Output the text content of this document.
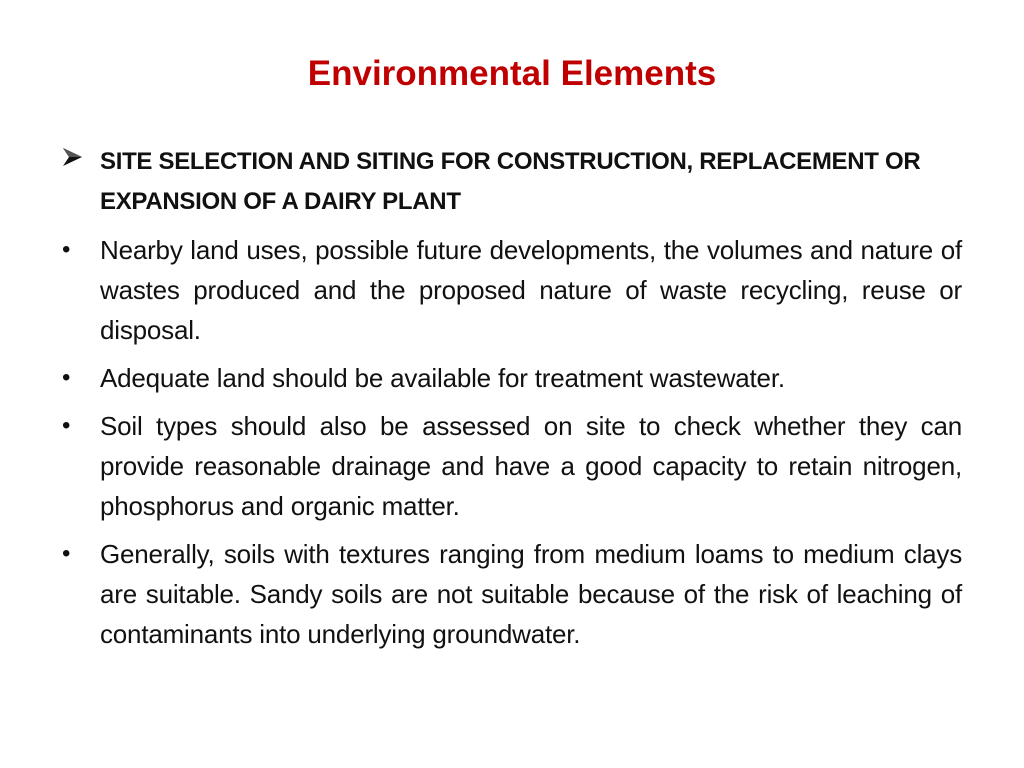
Environmental Elements
SITE SELECTION AND SITING FOR CONSTRUCTION, REPLACEMENT OR EXPANSION OF A DAIRY PLANT
• Nearby land uses, possible future developments, the volumes and nature of wastes produced and the proposed nature of waste recycling, reuse or disposal.
• Adequate land should be available for treatment wastewater.
• Soil types should also be assessed on site to check whether they can provide reasonable drainage and have a good capacity to retain nitrogen, phosphorus and organic matter.
• Generally, soils with textures ranging from medium loams to medium clays are suitable. Sandy soils are not suitable because of the risk of leaching of contaminants into underlying groundwater.
